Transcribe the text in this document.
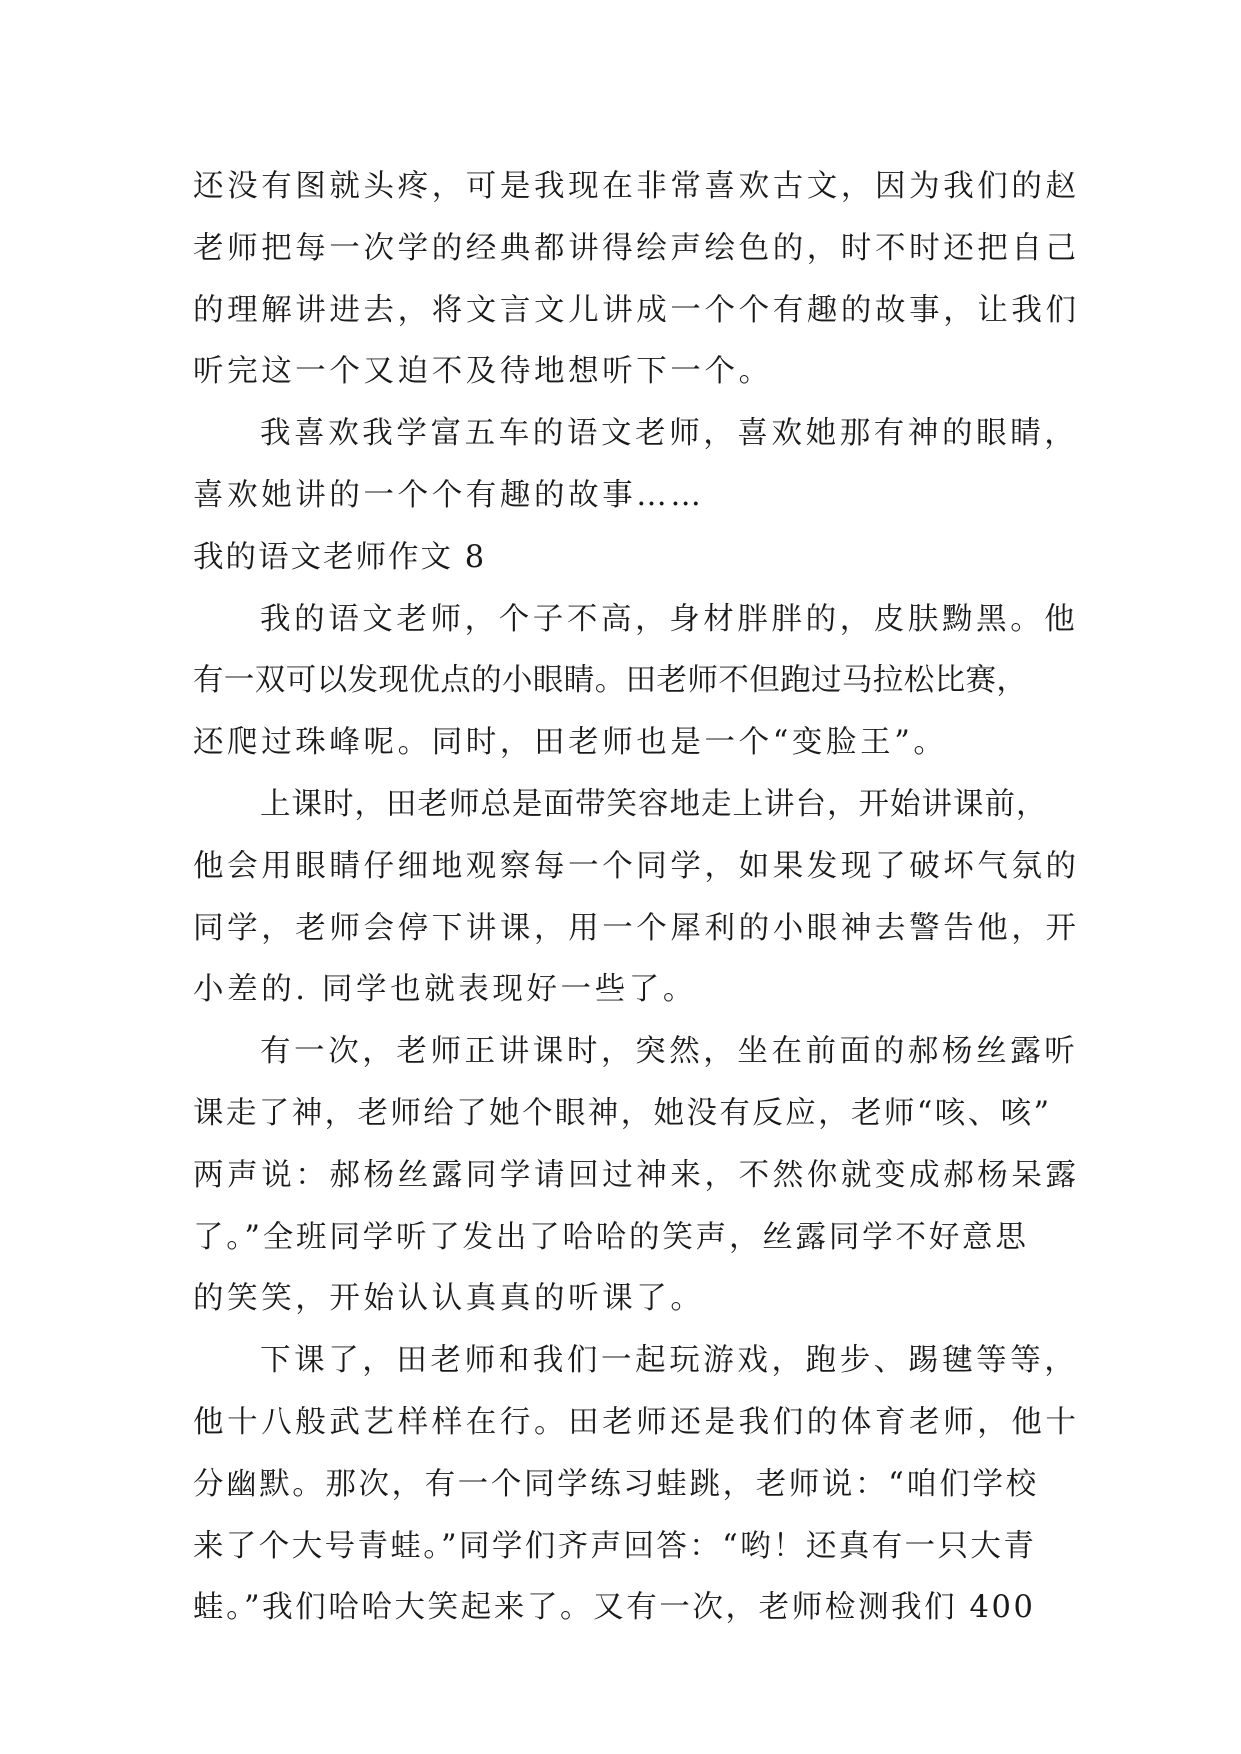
还没有图就头疼，可是我现在非常喜欢古文，因为我们的赵
老师把每一次学的经典都讲得绘声绘色的，时不时还把自己
的理解讲进去，将文言文儿讲成一个个有趣的故事，让我们
听完这一个又迫不及待地想听下一个。
我喜欢我学富五车的语文老师，喜欢她那有神的眼睛，
喜欢她讲的一个个有趣的故事……
我的语文老师作文 8
我的语文老师，个子不高，身材胖胖的，皮肤黝黑。他
有一双可以发现优点的小眼睛。田老师不但跑过马拉松比赛，
还爬过珠峰呢。同时，田老师也是一个“变脸王”。
上课时，田老师总是面带笑容地走上讲台，开始讲课前，
他会用眼睛仔细地观察每一个同学，如果发现了破坏气氛的
同学，老师会停下讲课，用一个犀利的小眼神去警告他，开
小差的. 同学也就表现好一些了。
有一次，老师正讲课时，突然，坐在前面的郝杨丝露听
课走了神，老师给了她个眼神，她没有反应，老师“咳、咳”
两声说：郝杨丝露同学请回过神来，不然你就变成郝杨呆露
了。”全班同学听了发出了哈哈的笑声，丝露同学不好意思
的笑笑，开始认认真真的听课了。
下课了，田老师和我们一起玩游戏，跑步、踢毽等等，
他十八般武艺样样在行。田老师还是我们的体育老师，他十
分幽默。那次，有一个同学练习蛙跳，老师说：“咱们学校
来了个大号青蛙。”同学们齐声回答：“哟！还真有一只大青
蛙。”我们哈哈大笑起来了。又有一次，老师检测我们 400
